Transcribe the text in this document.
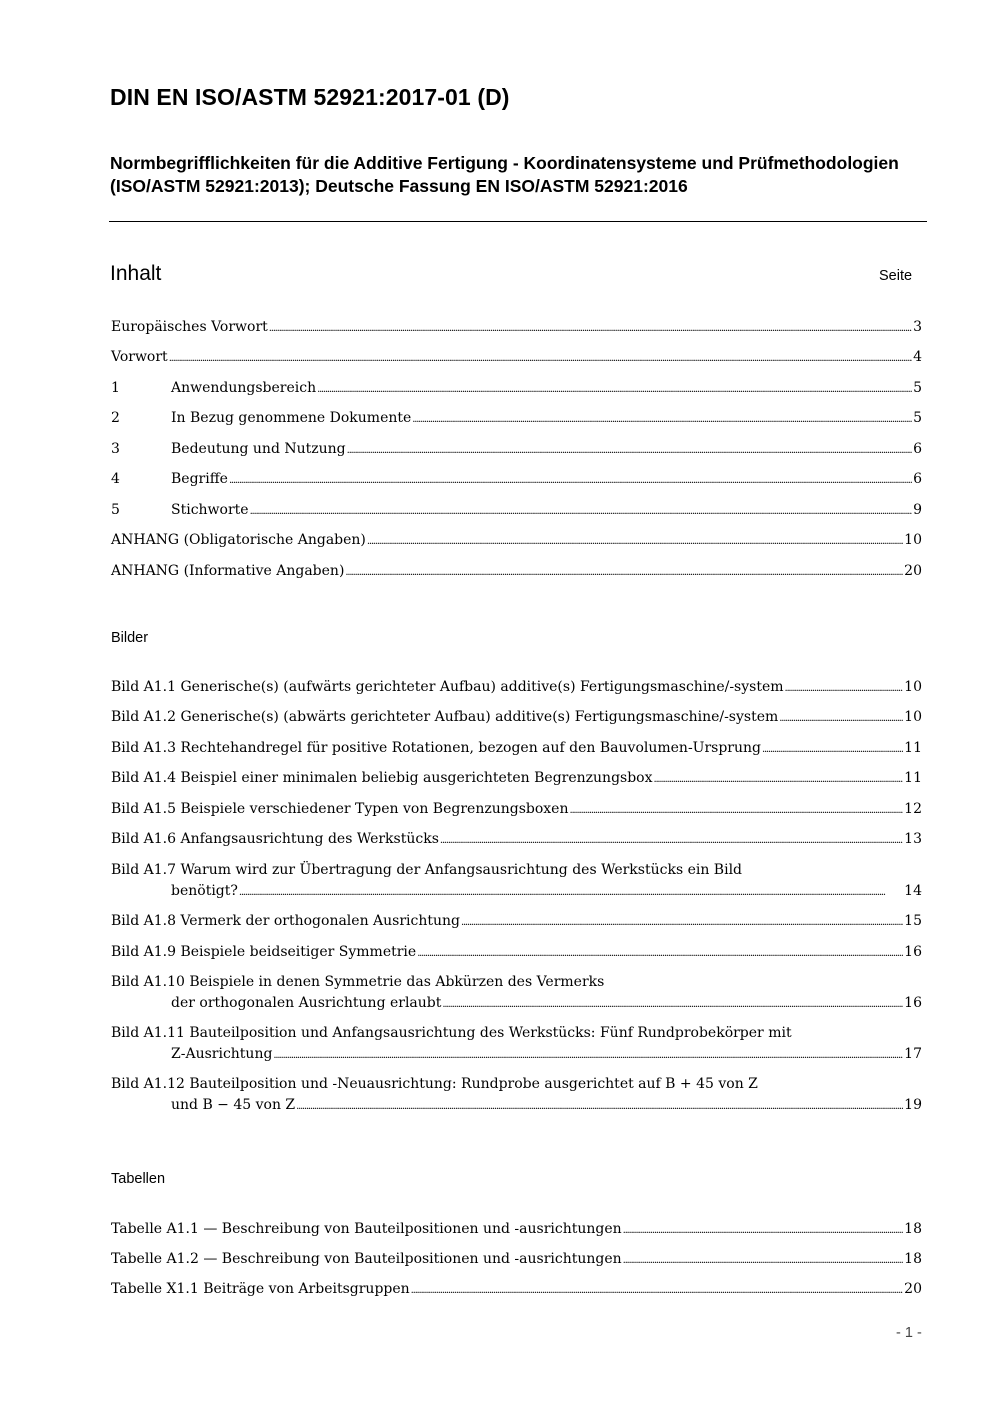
DIN EN ISO/ASTM 52921:2017-01 (D)
Normbegrifflichkeiten für die Additive Fertigung - Koordinatensysteme und Prüfmethodologien (ISO/ASTM 52921:2013); Deutsche Fassung EN ISO/ASTM 52921:2016
Inhalt	Seite
Europäisches Vorwort . . .	3
Vorwort . . .	4
1	Anwendungsbereich . . .	5
2	In Bezug genommene Dokumente . . .	5
3	Bedeutung und Nutzung . . .	6
4	Begriffe . . .	6
5	Stichworte . . .	9
ANHANG (Obligatorische Angaben) . . .	10
ANHANG (Informative Angaben) . . .	20
Bilder
Bild A1.1 Generische(s) (aufwärts gerichteter Aufbau) additive(s) Fertigungsmaschine/-system . . .	10
Bild A1.2 Generische(s) (abwärts gerichteter Aufbau) additive(s) Fertigungsmaschine/-system . . .	10
Bild A1.3 Rechtehandregel für positive Rotationen, bezogen auf den Bauvolumen-Ursprung . . .	11
Bild A1.4 Beispiel einer minimalen beliebig ausgerichteten Begrenzungsbox . . .	11
Bild A1.5 Beispiele verschiedener Typen von Begrenzungsboxen . . .	12
Bild A1.6 Anfangsausrichtung des Werkstücks . . .	13
Bild A1.7 Warum wird zur Übertragung der Anfangsausrichtung des Werkstücks ein Bild
benötigt? . . .	14
Bild A1.8 Vermerk der orthogonalen Ausrichtung . . .	15
Bild A1.9 Beispiele beidseitiger Symmetrie . . .	16
Bild A1.10 Beispiele in denen Symmetrie das Abkürzen des Vermerks
der orthogonalen Ausrichtung erlaubt . . .	16
Bild A1.11 Bauteilposition und Anfangsausrichtung des Werkstücks: Fünf Rundprobekörper mit
Z-Ausrichtung . . .	17
Bild A1.12 Bauteilposition und -Neuausrichtung: Rundprobe ausgerichtet auf B + 45 von Z
und B − 45 von Z . . .	19
Tabellen
Tabelle A1.1 — Beschreibung von Bauteilpositionen und -ausrichtungen . . .	18
Tabelle A1.2 — Beschreibung von Bauteilpositionen und -ausrichtungen . . .	18
Tabelle X1.1 Beiträge von Arbeitsgruppen . . .	20
- 1 -
